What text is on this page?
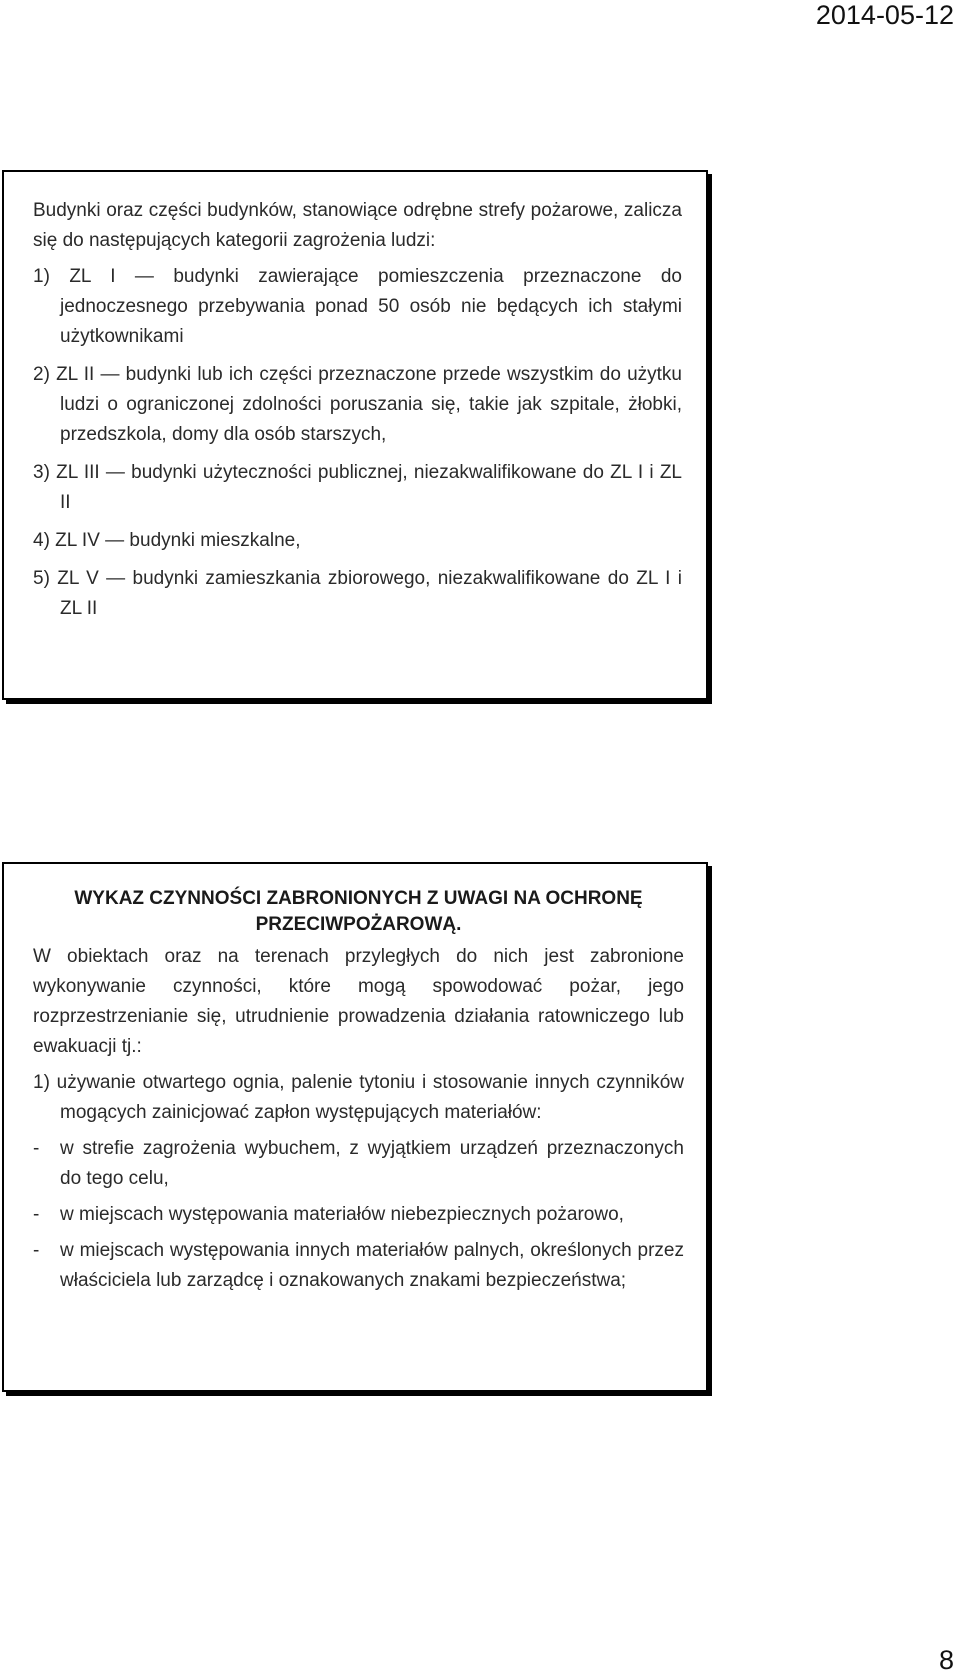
2014-05-12
Budynki oraz części budynków, stanowiące odrębne strefy pożarowe, zalicza się do następujących kategorii zagrożenia ludzi:
1) ZL I — budynki zawierające pomieszczenia przeznaczone do jednoczesnego przebywania ponad 50 osób nie będących ich stałymi użytkownikami
2) ZL II — budynki lub ich części przeznaczone przede wszystkim do użytku ludzi o ograniczonej zdolności poruszania się, takie jak szpitale, żłobki, przedszkola, domy dla osób starszych,
3) ZL III — budynki użyteczności publicznej, niezakwalifikowane do ZL I i ZL II
4) ZL IV — budynki mieszkalne,
5) ZL V — budynki zamieszkania zbiorowego, niezakwalifikowane do ZL I i ZL II
WYKAZ CZYNNOŚCI ZABRONIONYCH Z UWAGI NA OCHRONĘ PRZECIWPOŻAROWĄ.
W obiektach oraz na terenach przyległych do nich jest zabronione wykonywanie czynności, które mogą spowodować pożar, jego rozprzestrzenianie się, utrudnienie prowadzenia działania ratowniczego lub ewakuacji tj.:
1) używanie otwartego ognia, palenie tytoniu i stosowanie innych czynników mogących zainicjować zapłon występujących materiałów:
- w strefie zagrożenia wybuchem, z wyjątkiem urządzeń przeznaczonych do tego celu,
- w miejscach występowania materiałów niebezpiecznych pożarowo,
- w miejscach występowania innych materiałów palnych, określonych przez właściciela lub zarządcę i oznakowanych znakami bezpieczeństwa;
8
